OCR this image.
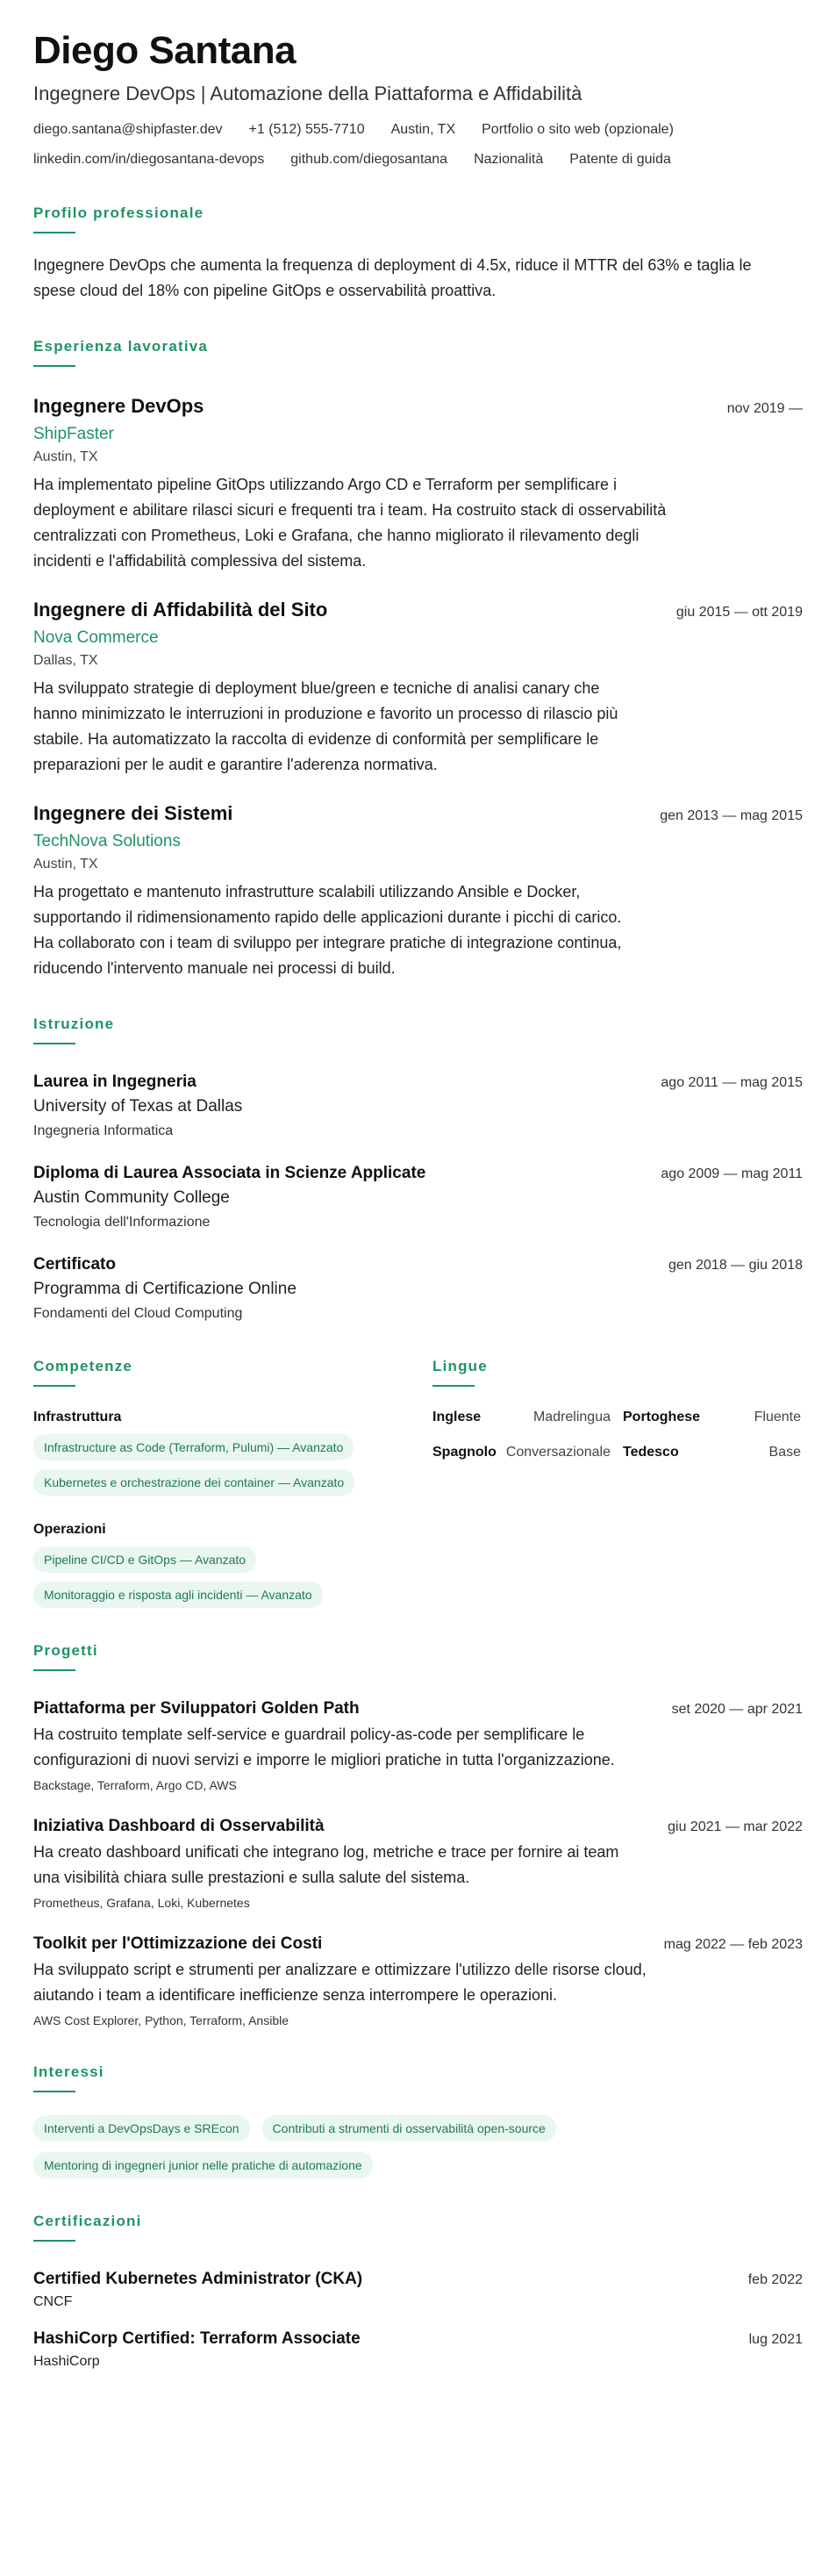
Diego Santana
Ingegnere DevOps | Automazione della Piattaforma e Affidabilità
diego.santana@shipfaster.dev +1 (512) 555-7710 Austin, TX Portfolio o sito web (opzionale)
linkedin.com/in/diegosantana-devops github.com/diegosantana Nazionalità Patente di guida
Profilo professionale

Ingegnere DevOps che aumenta la frequenza di deployment di 4.5x, riduce il MTTR del 63% e taglia le spese cloud del 18% con pipeline GitOps e osservabilità proattiva.

Esperienza lavorativa
Ingegnere DevOps	nov 2019 —
ShipFaster
Austin, TX

Ha implementato pipeline GitOps utilizzando Argo CD e Terraform per semplificare i deployment e abilitare rilasci sicuri e frequenti tra i team. Ha costruito stack di osservabilità centralizzati con Prometheus, Loki e Grafana, che hanno migliorato il rilevamento degli incidenti e l'affidabilità complessiva del sistema.

Ingegnere di Affidabilità del Sito	giu 2015 — ott 2019
Nova Commerce
Dallas, TX

Ha sviluppato strategie di deployment blue/green e tecniche di analisi canary che hanno minimizzato le interruzioni in produzione e favorito un processo di rilascio più stabile. Ha automatizzato la raccolta di evidenze di conformità per semplificare le preparazioni per le audit e garantire l'aderenza normativa.

Ingegnere dei Sistemi	gen 2013 — mag 2015
TechNova Solutions
Austin, TX

Ha progettato e mantenuto infrastrutture scalabili utilizzando Ansible e Docker, supportando il ridimensionamento rapido delle applicazioni durante i picchi di carico. Ha collaborato con i team di sviluppo per integrare pratiche di integrazione continua, riducendo l'intervento manuale nei processi di build.

Istruzione
Laurea in Ingegneria	ago 2011 — mag 2015
University of Texas at Dallas
Ingegneria Informatica
Diploma di Laurea Associata in Scienze Applicate	ago 2009 — mag 2011
Austin Community College
Tecnologia dell'Informazione
Certificato	gen 2018 — giu 2018
Programma di Certificazione Online
Fondamenti del Cloud Computing
Competenze
Infrastruttura
Infrastructure as Code (Terraform, Pulumi) — Avanzato
Kubernetes e orchestrazione dei container — Avanzato
Operazioni
Pipeline CI/CD e GitOps — Avanzato
Monitoraggio e risposta agli incidenti — Avanzato
Lingue
Inglese	Madrelingua Portoghese	Fluente
Spagnolo Conversazionale Tedesco	Base
Progetti
Piattaforma per Sviluppatori Golden Path	set 2020 — apr 2021

Ha costruito template self-service e guardrail policy-as-code per semplificare le configurazioni di nuovi servizi e imporre le migliori pratiche in tutta l'organizzazione.

Backstage, Terraform, Argo CD, AWS
Iniziativa Dashboard di Osservabilità	giu 2021 — mar 2022

Ha creato dashboard unificati che integrano log, metriche e trace per fornire ai team una visibilità chiara sulle prestazioni e sulla salute del sistema.

Prometheus, Grafana, Loki, Kubernetes
Toolkit per l'Ottimizzazione dei Costi	mag 2022 — feb 2023

Ha sviluppato script e strumenti per analizzare e ottimizzare l'utilizzo delle risorse cloud, aiutando i team a identificare inefficienze senza interrompere le operazioni.

AWS Cost Explorer, Python, Terraform, Ansible
Interessi
Interventi a DevOpsDays e SREcon	Contributi a strumenti di osservabilità open-source
Mentoring di ingegneri junior nelle pratiche di automazione
Certificazioni
Certified Kubernetes Administrator (CKA)	feb 2022
CNCF
HashiCorp Certified: Terraform Associate	lug 2021
HashiCorp
